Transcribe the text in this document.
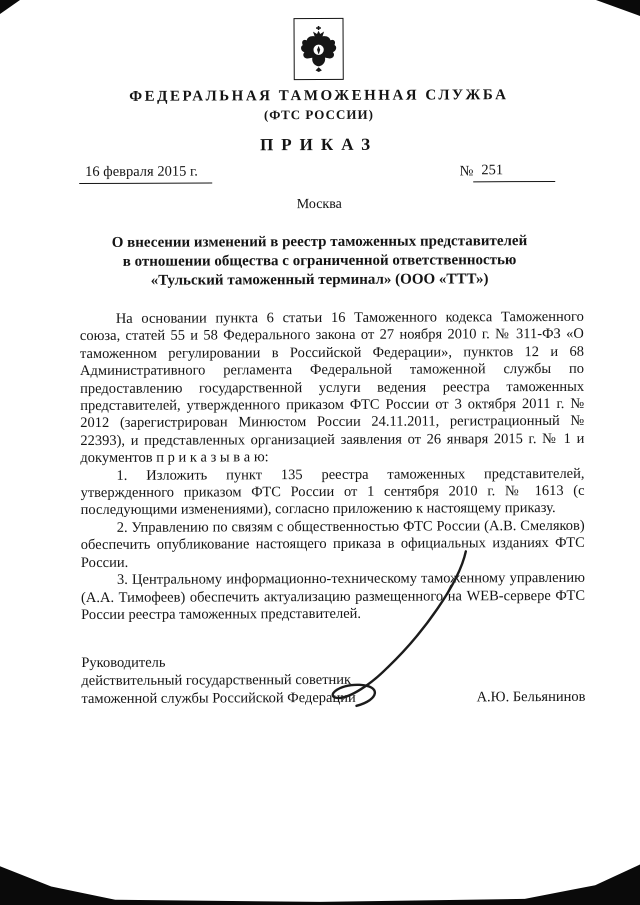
ФЕДЕРАЛЬНАЯ ТАМОЖЕННАЯ СЛУЖБА
(ФТС РОССИИ)
ПРИКАЗ
16 февраля 2015 г.	№ 251
Москва
О внесении изменений в реестр таможенных представителей
в отношении общества с ограниченной ответственностью
«Тульский таможенный терминал» (ООО «ТТТ»)

На основании пункта 6 статьи 16 Таможенного кодекса Таможенного союза, статей 55 и 58 Федерального закона от 27 ноября 2010 г. № 311-ФЗ «О таможенном регулировании в Российской Федерации», пунктов 12 и 68 Административного регламента Федеральной таможенной службы по предоставлению государственной услуги ведения реестра таможенных представителей, утвержденного приказом ФТС России от 3 октября 2011 г. № 2012 (зарегистрирован Минюстом России 24.11.2011, регистрационный № 22393), и представленных организацией заявления от 26 января 2015 г. № 1 и документов п р и к а з ы в а ю:

1. Изложить пункт 135 реестра таможенных представителей, утвержденного приказом ФТС России от 1 сентября 2010 г. № 1613 (с последующими изменениями), согласно приложению к настоящему приказу.

2. Управлению по связям с общественностью ФТС России (А.В. Смеляков) обеспечить опубликование настоящего приказа в официальных изданиях ФТС России.

3. Центральному информационно-техническому таможенному управлению (А.А. Тимофеев) обеспечить актуализацию размещенного на WEB-сервере ФТС России реестра таможенных представителей.

Руководитель
действительный государственный советник
таможенной службы Российской Федерации	А.Ю. Бельянинов
